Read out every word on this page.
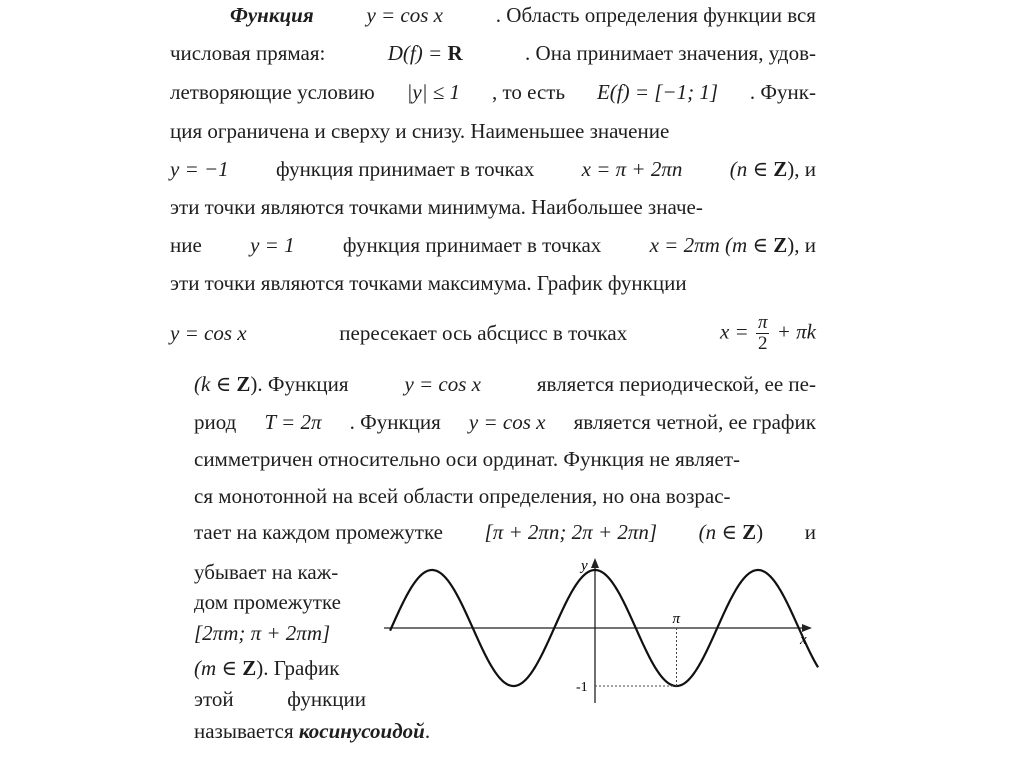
Функция	y = cos x	. Область определения функции вся
числовая прямая:	D(f) = R	. Она принимает значения, удов-
летворяющие условию |y| ≤ 1 , то есть E(f) = [−1; 1] . Функ-
ция ограничена и сверху и снизу. Наименьшее значение
y = −1 функция принимает в точках x = π + 2πn (n ∈ Z), и
эти точки являются точками минимума. Наибольшее значе-
ние y = 1 функция принимает в точках x = 2πm (m ∈ Z), и
эти точки являются точками максимума. График функции
y = cos x	пересекает ось абсцисс в точках	$x = \frac{\pi}{2} + \pi k$
(k ∈ Z). Функция	y = cos x	является периодической, ее пе-
риод T = 2π . Функция y = cos x является четной, ее график
симметричен относительно оси ординат. Функция не являет-
ся монотонной на всей области определения, но она возрас-
тает на каждом промежутке [π + 2πn; 2π + 2πn] (n ∈ Z) и
убывает на каж-
дом промежутке
[2πm; π + 2πm]
(m ∈ Z). График
этой	функции
называется
косинусоидой .
x
y
π
-1
